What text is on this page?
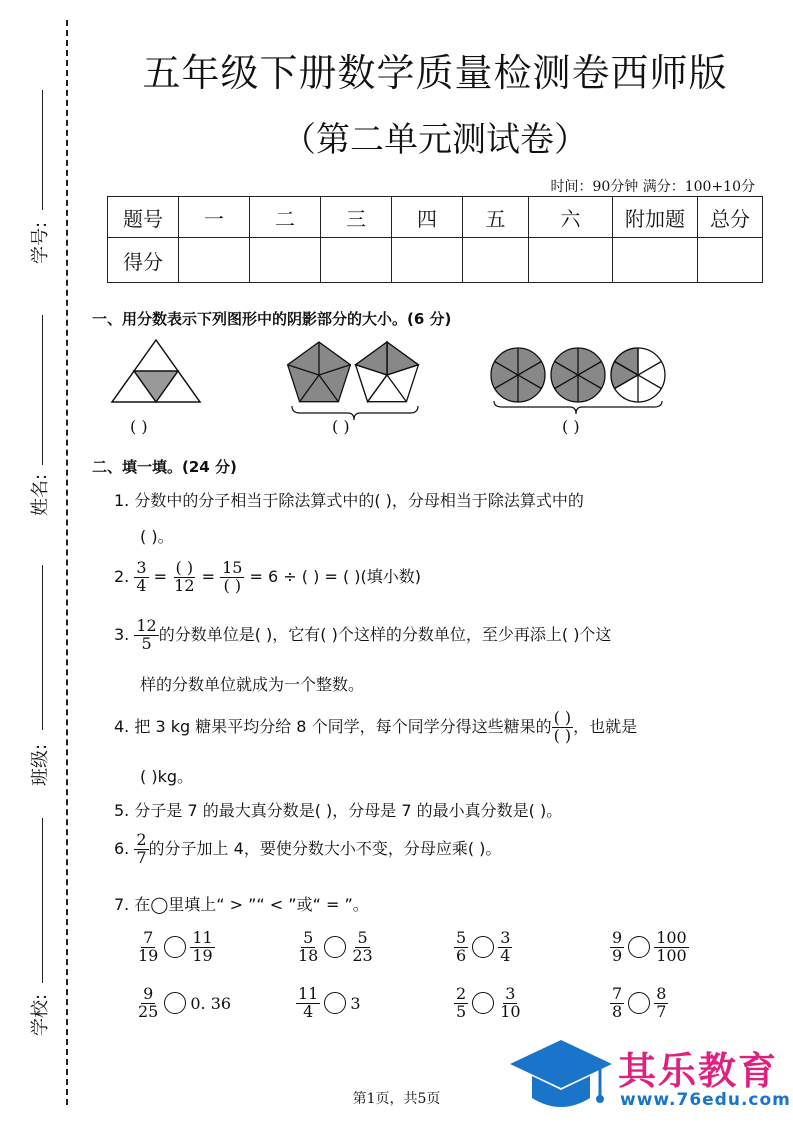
学号:
姓名:
班级:
学校:
五年级下册数学质量检测卷西师版
（第二单元测试卷）
时间：90分钟 满分：100+10分
题号	一	二	三	四	五	六	附加题	总分
得分								
一、用分数表示下列图形中的阴影部分的大小。(6 分)
( )	( )	( )
二、填一填。(24 分)
1. 分数中的分子相当于除法算式中的( )，分母相当于除法算式中的
( )。
2. $\frac{3}{4} = \frac{( )}{12} = \frac{15}{( )} = 6$ ÷ ( ) = ( )(填小数)
3. $\frac{12}{5}$ 的分数单位是( )，它有( )个这样的分数单位，至少再添上( )个这
样的分数单位就成为一个整数。
4. 把 3 kg 糖果平均分给 8 个同学，每个同学分得这些糖果的 $\frac{( )}{( )}$ ，也就是
( )kg。
5. 分子是 7 的最大真分数是( )，分母是 7 的最小真分数是( )。
6. $\frac{2}{7}$ 的分子加上 4，要使分数大小不变，分母应乘( )。
7. 在◯里填上“ > ”“ < ”或“ = ”。
$\frac{7}{19} \frac{11}{19}$	$\frac{5}{18} \frac{5}{23}$	$\frac{5}{6} \frac{3}{4}$	$\frac{9}{9} \frac{100}{100}$
$\frac{9}{25} 0$. 36	$\frac{11}{4} 3$	$\frac{2}{5} \frac{3}{10}$	$\frac{7}{8} \frac{8}{7}$
第1页，共5页
其乐教育
www.76edu.com
